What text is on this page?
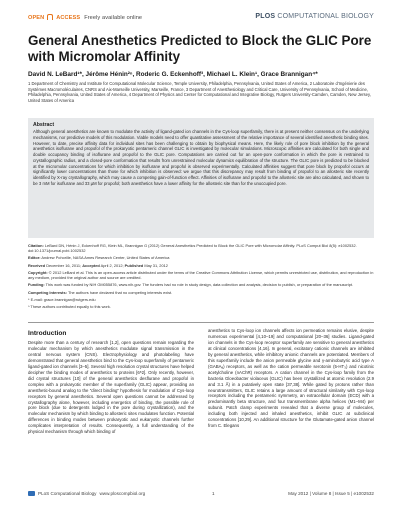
OPEN ACCESS Freely available online	PLOS COMPUTATIONAL BIOLOGY
General Anesthetics Predicted to Block the GLIC Pore with Micromolar Affinity

David N. LeBard¹*, Jérôme Hénin²ⁿ, Roderic G. Eckenhoff³, Michael L. Klein¹, Grace Brannigan⁴*

1 Department of Chemistry and Institute for Computational Molecular Science, Temple University, Philadelphia, Pennsylvania, United States of America, 2 Laboratoire d'Ingénierie des Systèmes Macromoléculaires, CNRS and Aix-Marseille University, Marseille, France, 3 Department of Anesthesiology and Critical Care, University of Pennsylvania, School of Medicine, Philadelphia, Pennsylvania, United States of America, 4 Department of Physics and Center for Computational and Integrative Biology, Rutgers University-Camden, Camden, New Jersey, United States of America

Abstract

Although general anesthetics are known to modulate the activity of ligand-gated ion channels in the Cys-loop superfamily, there is at present neither consensus on the underlying mechanisms, nor predictive models of this modulation. Viable models need to offer quantitative assessment of the relative importance of several identified anesthetic binding sites. However, to date, precise affinity data for individual sites has been challenging to obtain by biophysical means. Here, the likely role of pore block inhibition by the general anesthetics isoflurane and propofol of the prokaryotic pentameric channel GLIC is investigated by molecular simulations. Microscopic affinities are calculated for both single and double occupancy binding of isoflurane and propofol to the GLIC pore. Computations are carried out for an open-pore conformation in which the pore is restrained to crystallographic radius, and a closed-pore conformation that results from unrestrained molecular dynamics equilibration of the structure. The GLIC pore is predicted to be blocked at the micromolar concentrations for which inhibition by isoflurane and propofol is observed experimentally. Calculated affinities suggest that pore block by propofol occurs at significantly lower concentrations than those for which inhibition is observed: we argue that this discrepancy may result from binding of propofol to an allosteric site recently identified by X-ray crystallography, which may cause a competing gain-of-function effect. Affinities of isoflurane and propofol to the allosteric site are also calculated, and shown to be 3 mM for isoflurane and 33 µM for propofol; both anesthetics have a lower affinity for the allosteric site than for the unoccupied pore.

Citation: LeBard DN, Hénin J, Eckenhoff RG, Klein ML, Brannigan G (2012) General Anesthetics Predicted to Block the GLIC Pore with Micromolar Affinity. PLoS Comput Biol 8(5): e1002532. doi:10.1371/journal.pcbi.1002532

Editor: Andrew Pohorille, NASA Ames Research Center, United States of America

Received December 16, 2011; Accepted April 2, 2012; Published May 31, 2012

Copyright: © 2012 LeBard et al. This is an open-access article distributed under the terms of the Creative Commons Attribution License, which permits unrestricted use, distribution, and reproduction in any medium, provided the original author and source are credited.

Funding: This work was funded by NIH GM055876, www.nih.gov. The funders had no role in study design, data collection and analysis, decision to publish, or preparation of the manuscript.

Competing Interests: The authors have declared that no competing interests exist.

* E-mail: grace.brannigan@rutgers.edu

ⁿ These authors contributed equally to this work.

Introduction

Despite more than a century of research [1,2], open questions remain regarding the molecular mechanism by which anesthetics modulate signal transmission in the central nervous system (CNS). Electrophysiology and photolabeling have demonstrated that general anesthetics bind to the Cys-loop superfamily of pentameric ligand-gated ion channels [3–5]. Several high resolution crystal structures have helped decipher the binding modes of anesthetics to proteins [6⁸2]. Only recently, however, did crystal structures [10] of the general anesthetics desflurane and propofol in complex with a prokaryotic member of the superfamily (GLIC) appear, providing an anesthetic-bound analog to the “direct binding” hypothesis for modulation of Cys-loop receptors by general anesthetics. Several open questions cannot be addressed by crystallography alone, however, including energetics of binding, the possible role of pore block (due to detergents lodged in the pore during crystallization), and the molecular mechanism by which binding to allosteric sites modulates function. Potential differences in binding modes between prokaryotic and eukaryotic channels further complicates interpretation of results. Consequently, a full understanding of the physical mechanism through which binding of

anesthetics to Cys-loop ion channels affects ion permeation remains elusive, despite numerous experimental [4,10–19] and computational [20–36] studies. Ligand-gated ion channels in the Cys-loop receptor superfamily are sensitive to general anesthetics at clinical concentrations [4,16]. In general, excitatory cationic channels are inhibited by general anesthetics, while inhibitory anionic channels are potentiated. Members of this superfamily include the anion permeable glycine and γ-aminobutyric acid type A (GABAₐ) receptors, as well as the cation permeable serotonin (5-HT₃) and nicotinic acetylcholine (nAChR) receptors. A cation channel in the Cys-loop family from the bacteria Gloeobacter violaceus (GLIC) has been crystallized at atomic resolution (2.9 and 3.1 Å) in a putatively open state [37,38]. While gated by protons rather than neurotransmitters, GLIC retains a large amount of structural similarity with Cys-loop receptors including the pentameric symmetry, an extracellular domain (ECD) with a predominantly beta structure, and four transmembrane alpha helices (M1–M4) per subunit. Patch clamp experiments revealed that a diverse group of molecules, including both injected and inhaled anesthetics, inhibit GLIC at subclinical concentrations [10,29]. An additional structure for the Glutamate-gated anion channel from C. Elegans

PLoS Computational Biology www.ploscompbiol.org	1	May 2012 | Volume 8 | Issue 5 | e1002532
